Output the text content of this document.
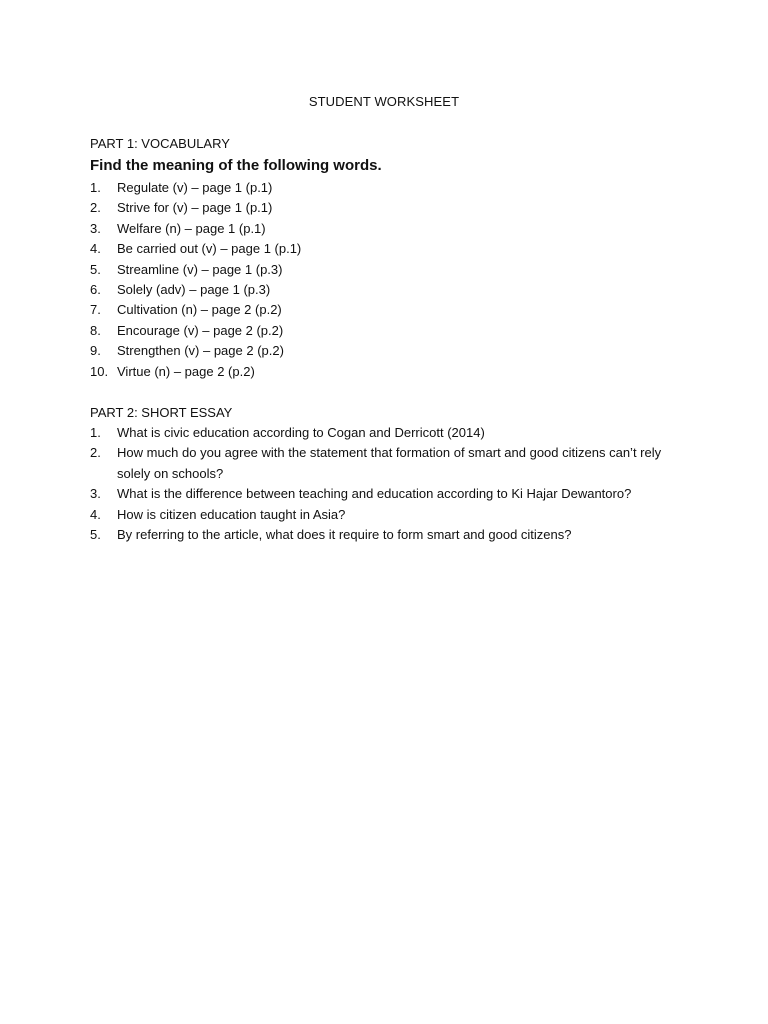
STUDENT WORKSHEET
PART 1: VOCABULARY
Find the meaning of the following words.
1. Regulate (v) – page 1 (p.1)
2. Strive for (v) – page 1 (p.1)
3. Welfare (n) – page 1 (p.1)
4. Be carried out (v) – page 1 (p.1)
5. Streamline (v) – page 1 (p.3)
6. Solely (adv) – page 1 (p.3)
7. Cultivation (n) – page 2 (p.2)
8. Encourage (v) – page 2 (p.2)
9. Strengthen (v) – page 2 (p.2)
10. Virtue (n) – page 2 (p.2)
PART 2: SHORT ESSAY
1. What is civic education according to Cogan and Derricott (2014)
2. How much do you agree with the statement that formation of smart and good citizens can’t rely solely on schools?
3. What is the difference between teaching and education according to Ki Hajar Dewantoro?
4. How is citizen education taught in Asia?
5. By referring to the article, what does it require to form smart and good citizens?
